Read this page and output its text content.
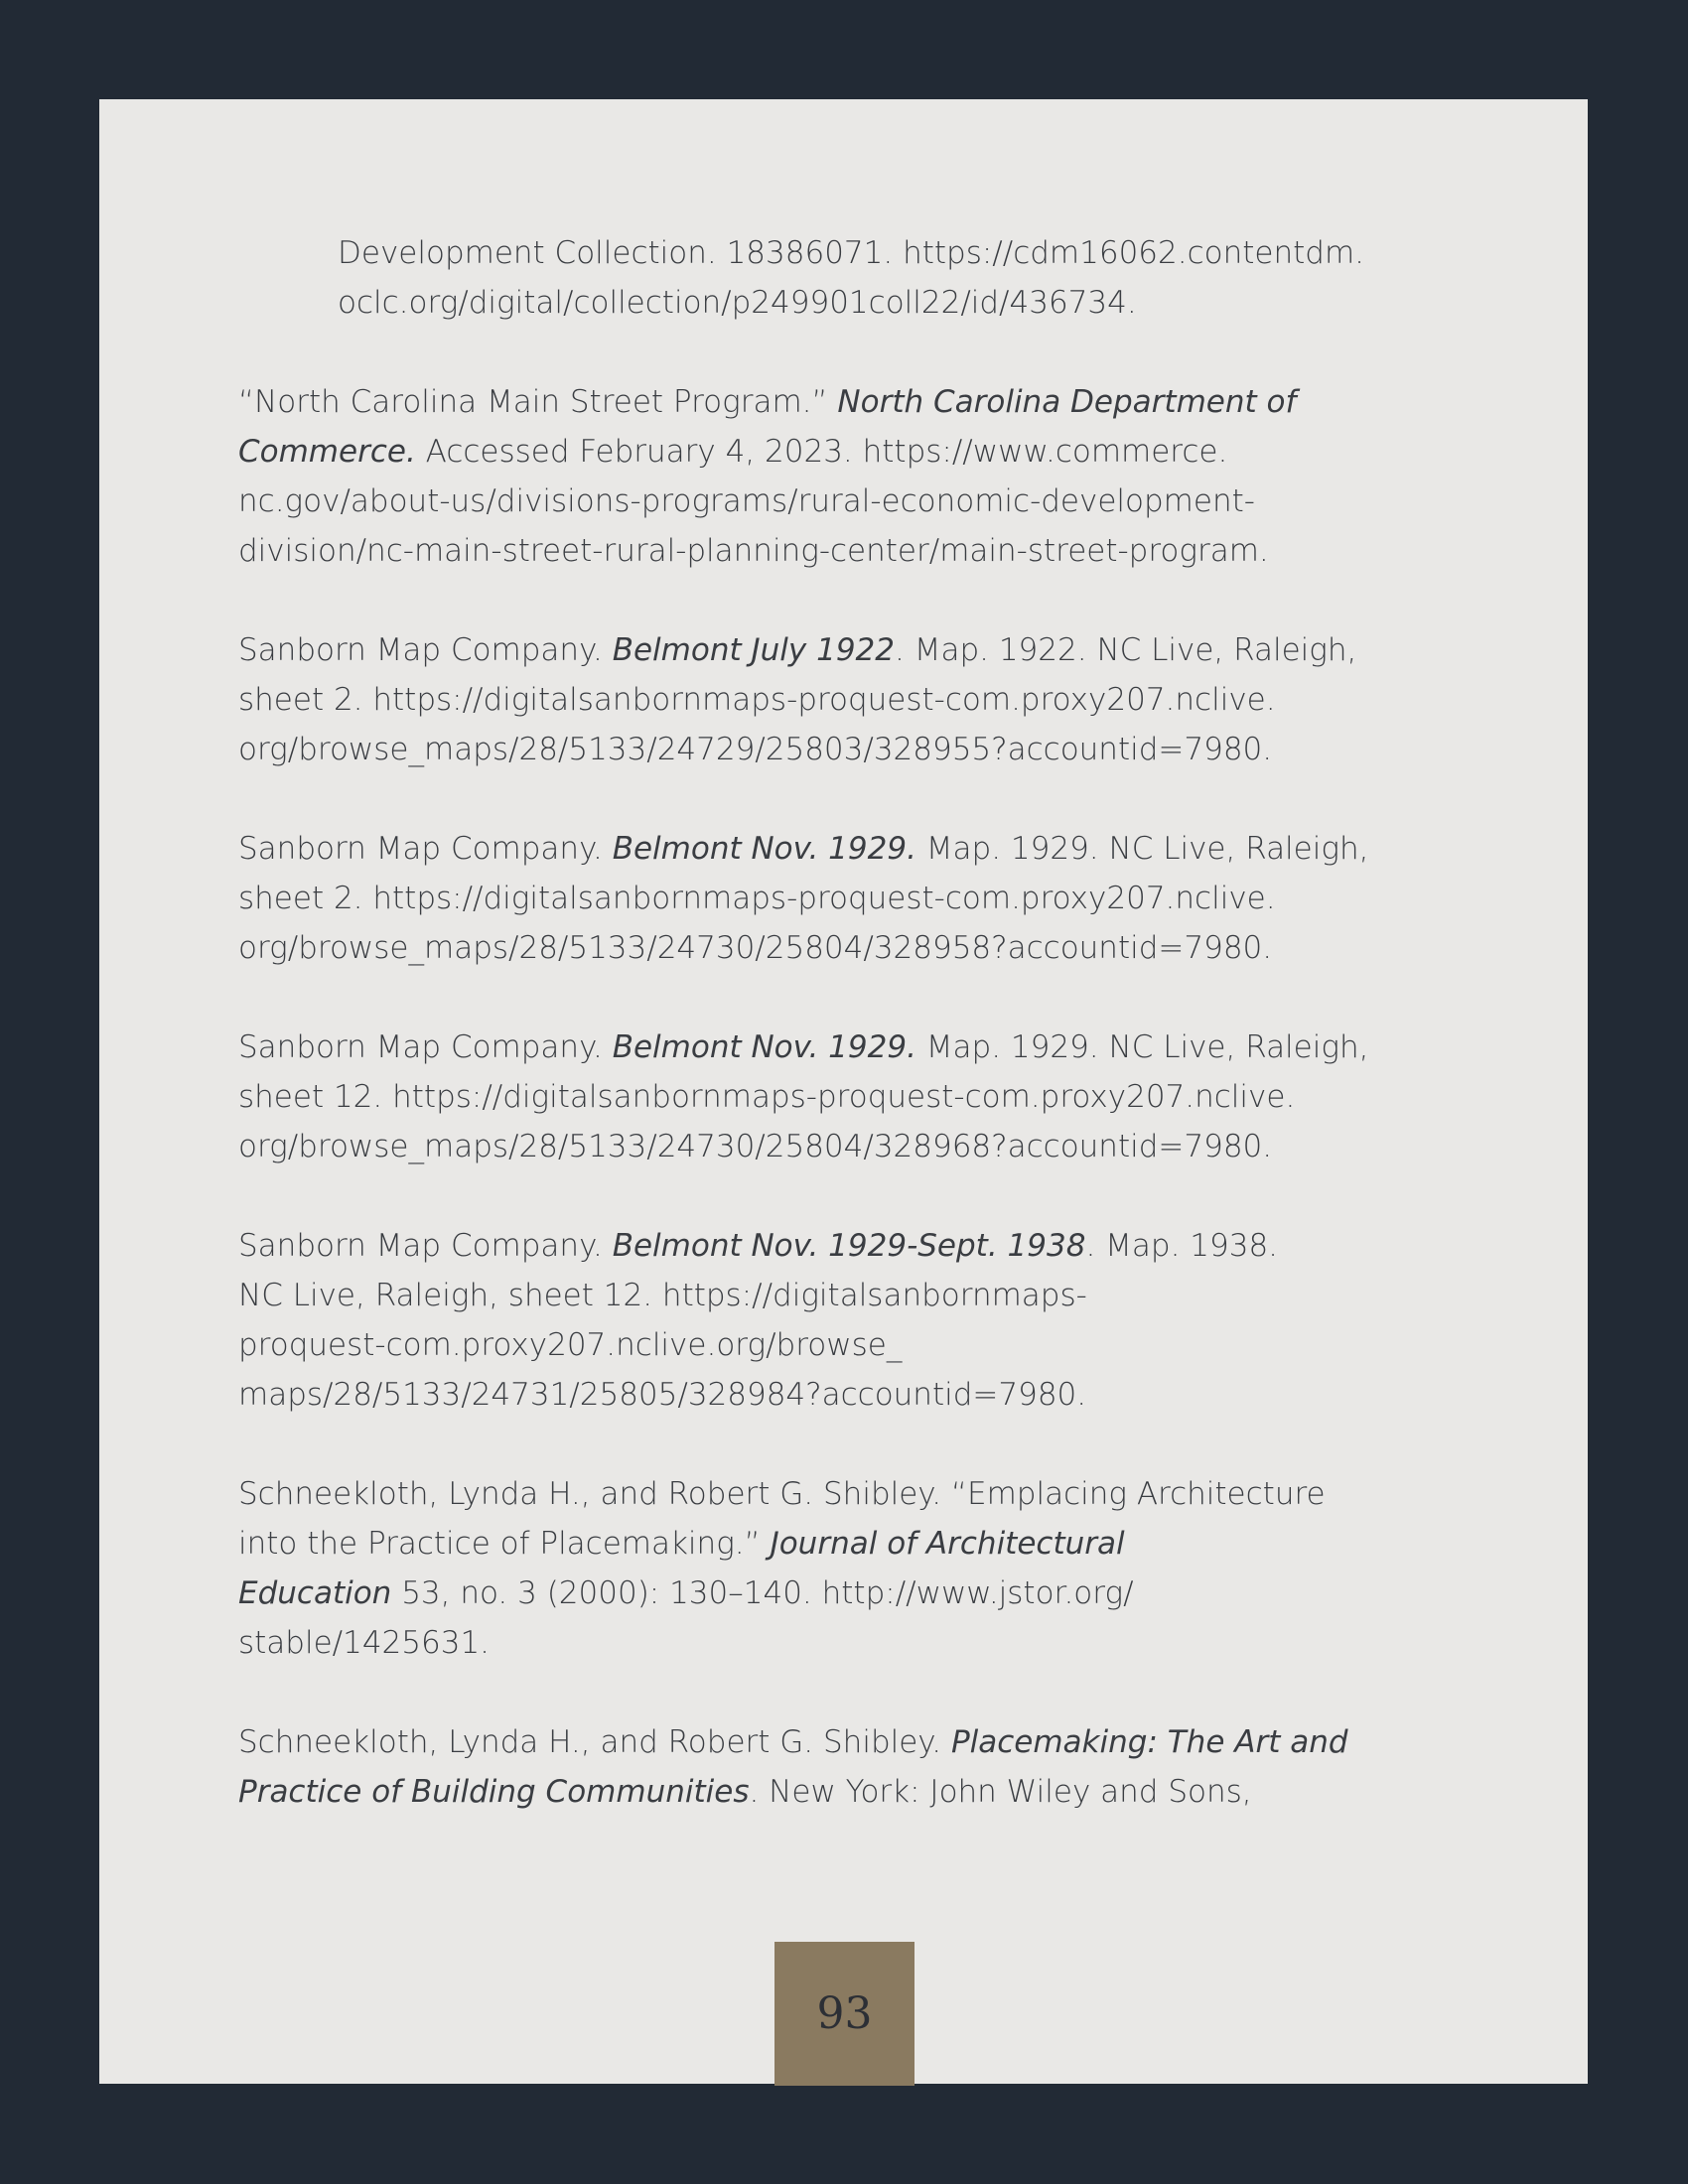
Development Collection. 18386071. https://cdm16062.contentdm.
oclc.org/digital/collection/p249901coll22/id/436734.
“North Carolina Main Street Program.” North Carolina Department of
Commerce. Accessed February 4, 2023. https://www.commerce.
nc.gov/about-us/divisions-programs/rural-economic-development-
division/nc-main-street-rural-planning-center/main-street-program.
Sanborn Map Company. Belmont July 1922. Map. 1922. NC Live, Raleigh,
sheet 2. https://digitalsanbornmaps-proquest-com.proxy207.nclive.
org/browse_maps/28/5133/24729/25803/328955?accountid=7980.
Sanborn Map Company. Belmont Nov. 1929. Map. 1929. NC Live, Raleigh,
sheet 2. https://digitalsanbornmaps-proquest-com.proxy207.nclive.
org/browse_maps/28/5133/24730/25804/328958?accountid=7980.
Sanborn Map Company. Belmont Nov. 1929. Map. 1929. NC Live, Raleigh,
sheet 12. https://digitalsanbornmaps-proquest-com.proxy207.nclive.
org/browse_maps/28/5133/24730/25804/328968?accountid=7980.
Sanborn Map Company. Belmont Nov. 1929-Sept. 1938. Map. 1938.
NC Live, Raleigh, sheet 12. https://digitalsanbornmaps-
proquest-com.proxy207.nclive.org/browse_
maps/28/5133/24731/25805/328984?accountid=7980.
Schneekloth, Lynda H., and Robert G. Shibley. “Emplacing Architecture
into the Practice of Placemaking.” Journal of Architectural
Education 53, no. 3 (2000): 130–140. http://www.jstor.org/
stable/1425631.
Schneekloth, Lynda H., and Robert G. Shibley. Placemaking: The Art and
Practice of Building Communities. New York: John Wiley and Sons,
93
